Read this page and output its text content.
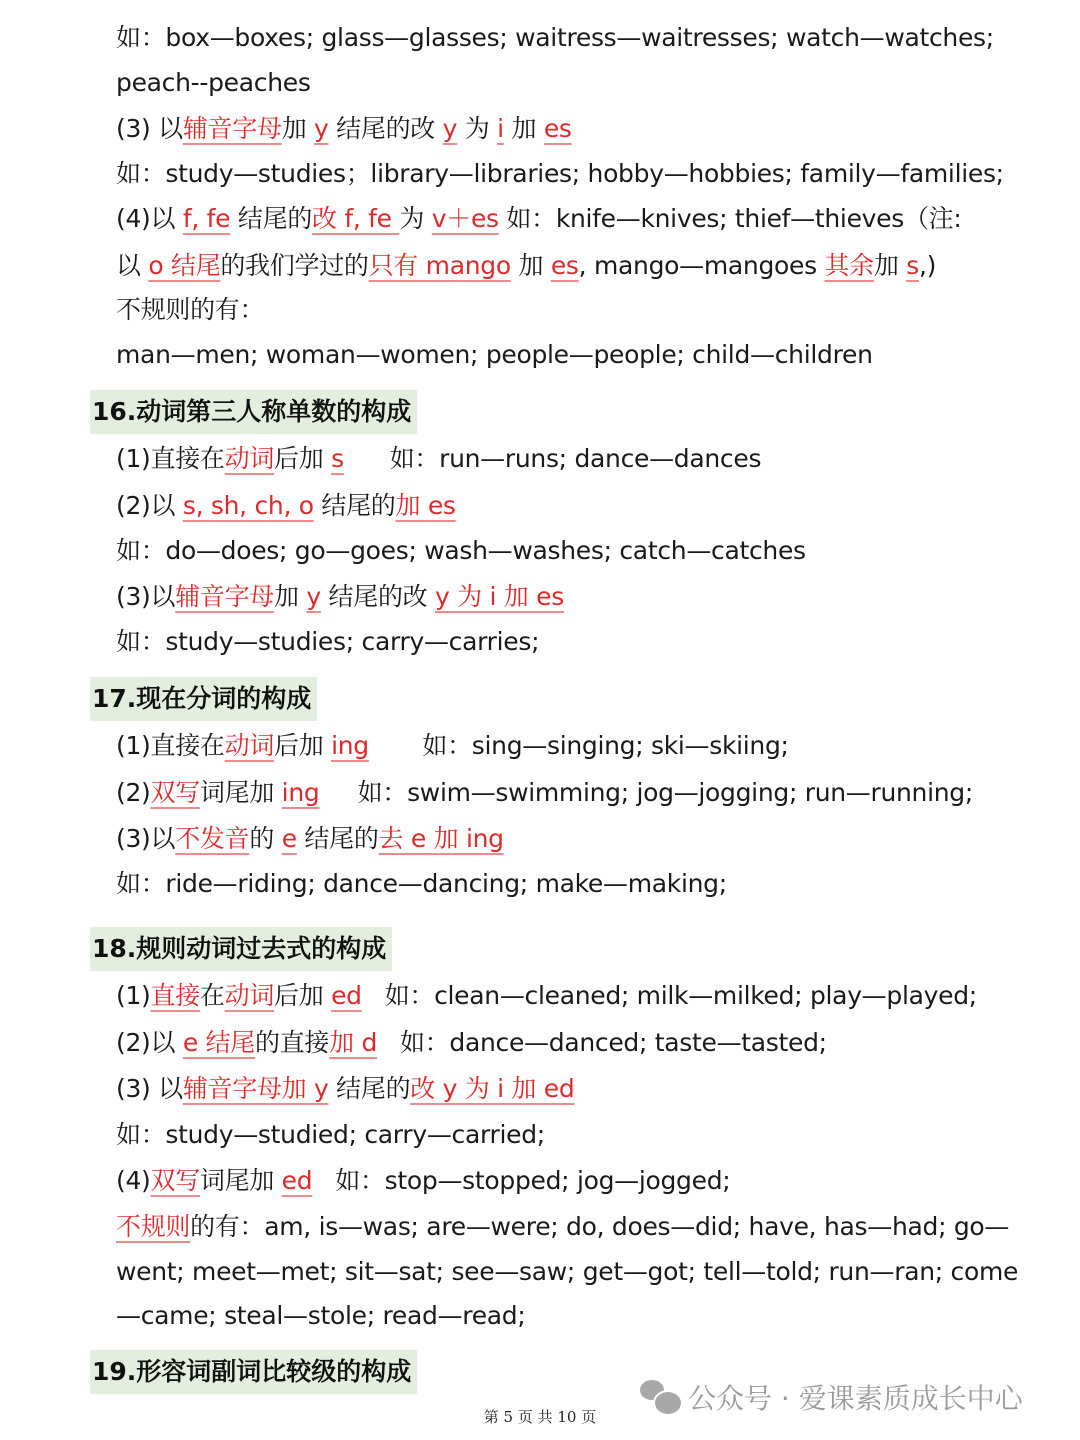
如：box—boxes; glass—glasses; waitress—waitresses; watch—watches;
peach--peaches
(3) 以辅音字母加 y 结尾的改 y 为 i 加 es
如：study—studies；library—libraries; hobby—hobbies; family—families;
(4)以 f, fe 结尾的改 f, fe 为 v＋es 如：knife—knives; thief—thieves（注:
以 o 结尾的我们学过的只有 mango 加 es, mango—mangoes 其余加 s,)
不规则的有：
man—men; woman—women; people—people; child—children
16.动词第三人称单数的构成
(1)直接在动词后加 s      如：run—runs; dance—dances
(2)以 s, sh, ch, o 结尾的加 es
如：do—does; go—goes; wash—washes; catch—catches
(3)以辅音字母加 y 结尾的改 y 为 i 加 es
如：study—studies; carry—carries;
17.现在分词的构成
(1)直接在动词后加 ing       如：sing—singing; ski—skiing;
(2)双写词尾加 ing     如：swim—swimming; jog—jogging; run—running;
(3)以不发音的 e 结尾的去 e 加 ing
如：ride—riding; dance—dancing; make—making;
18.规则动词过去式的构成
(1)直接在动词后加 ed   如：clean—cleaned; milk—milked; play—played;
(2)以 e 结尾的直接加 d   如：dance—danced; taste—tasted;
(3) 以辅音字母加 y 结尾的改 y 为 i 加 ed
如：study—studied; carry—carried;
(4)双写词尾加 ed   如：stop—stopped; jog—jogged;
不规则的有：am, is—was; are—were; do, does—did; have, has—had; go—
went; meet—met; sit—sat; see—saw; get—got; tell—told; run—ran; come
—came; steal—stole; read—read;
19.形容词副词比较级的构成
公众号 · 爱课素质成长中心
第 5 页 共 10 页
